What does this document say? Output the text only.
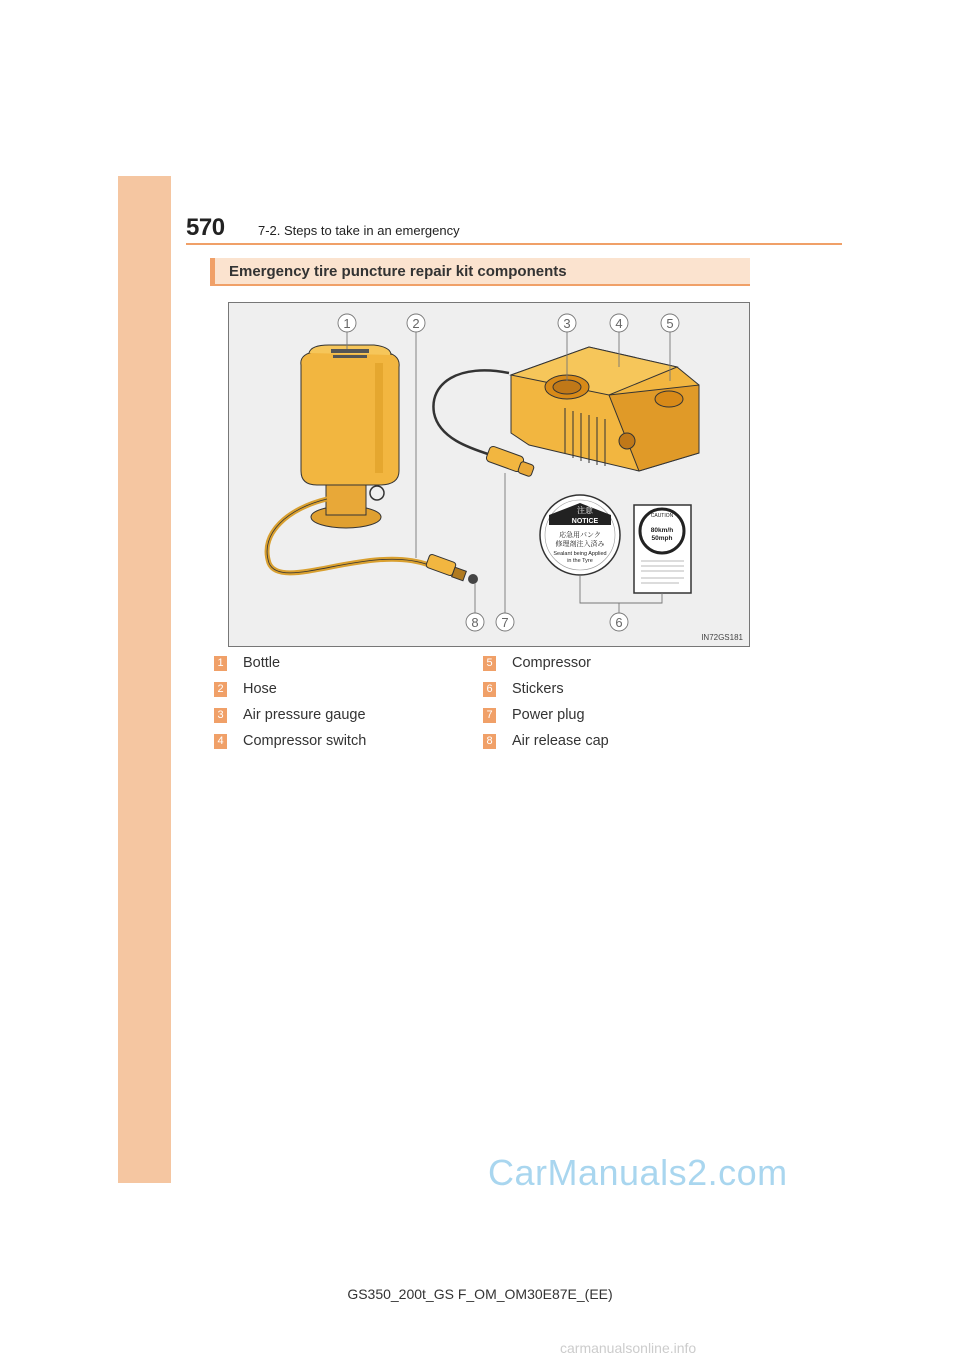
570	7-2. Steps to take in an emergency
Emergency tire puncture repair kit components
注意
NOTICE
応急用パンク
修理剤注入済み
Sealant being Applied
in the Tyre
CAUTION
80km/h
50mph
1	2	3	4	5
6
7
8
IN72GS181
1 Bottle
2 Hose
3 Air pressure gauge
4 Compressor switch
5 Compressor
6 Stickers
7 Power plug
8 Air release cap
CarManuals2.com
GS350_200t_GS F_OM_OM30E87E_(EE)
carmanualsonline.info
